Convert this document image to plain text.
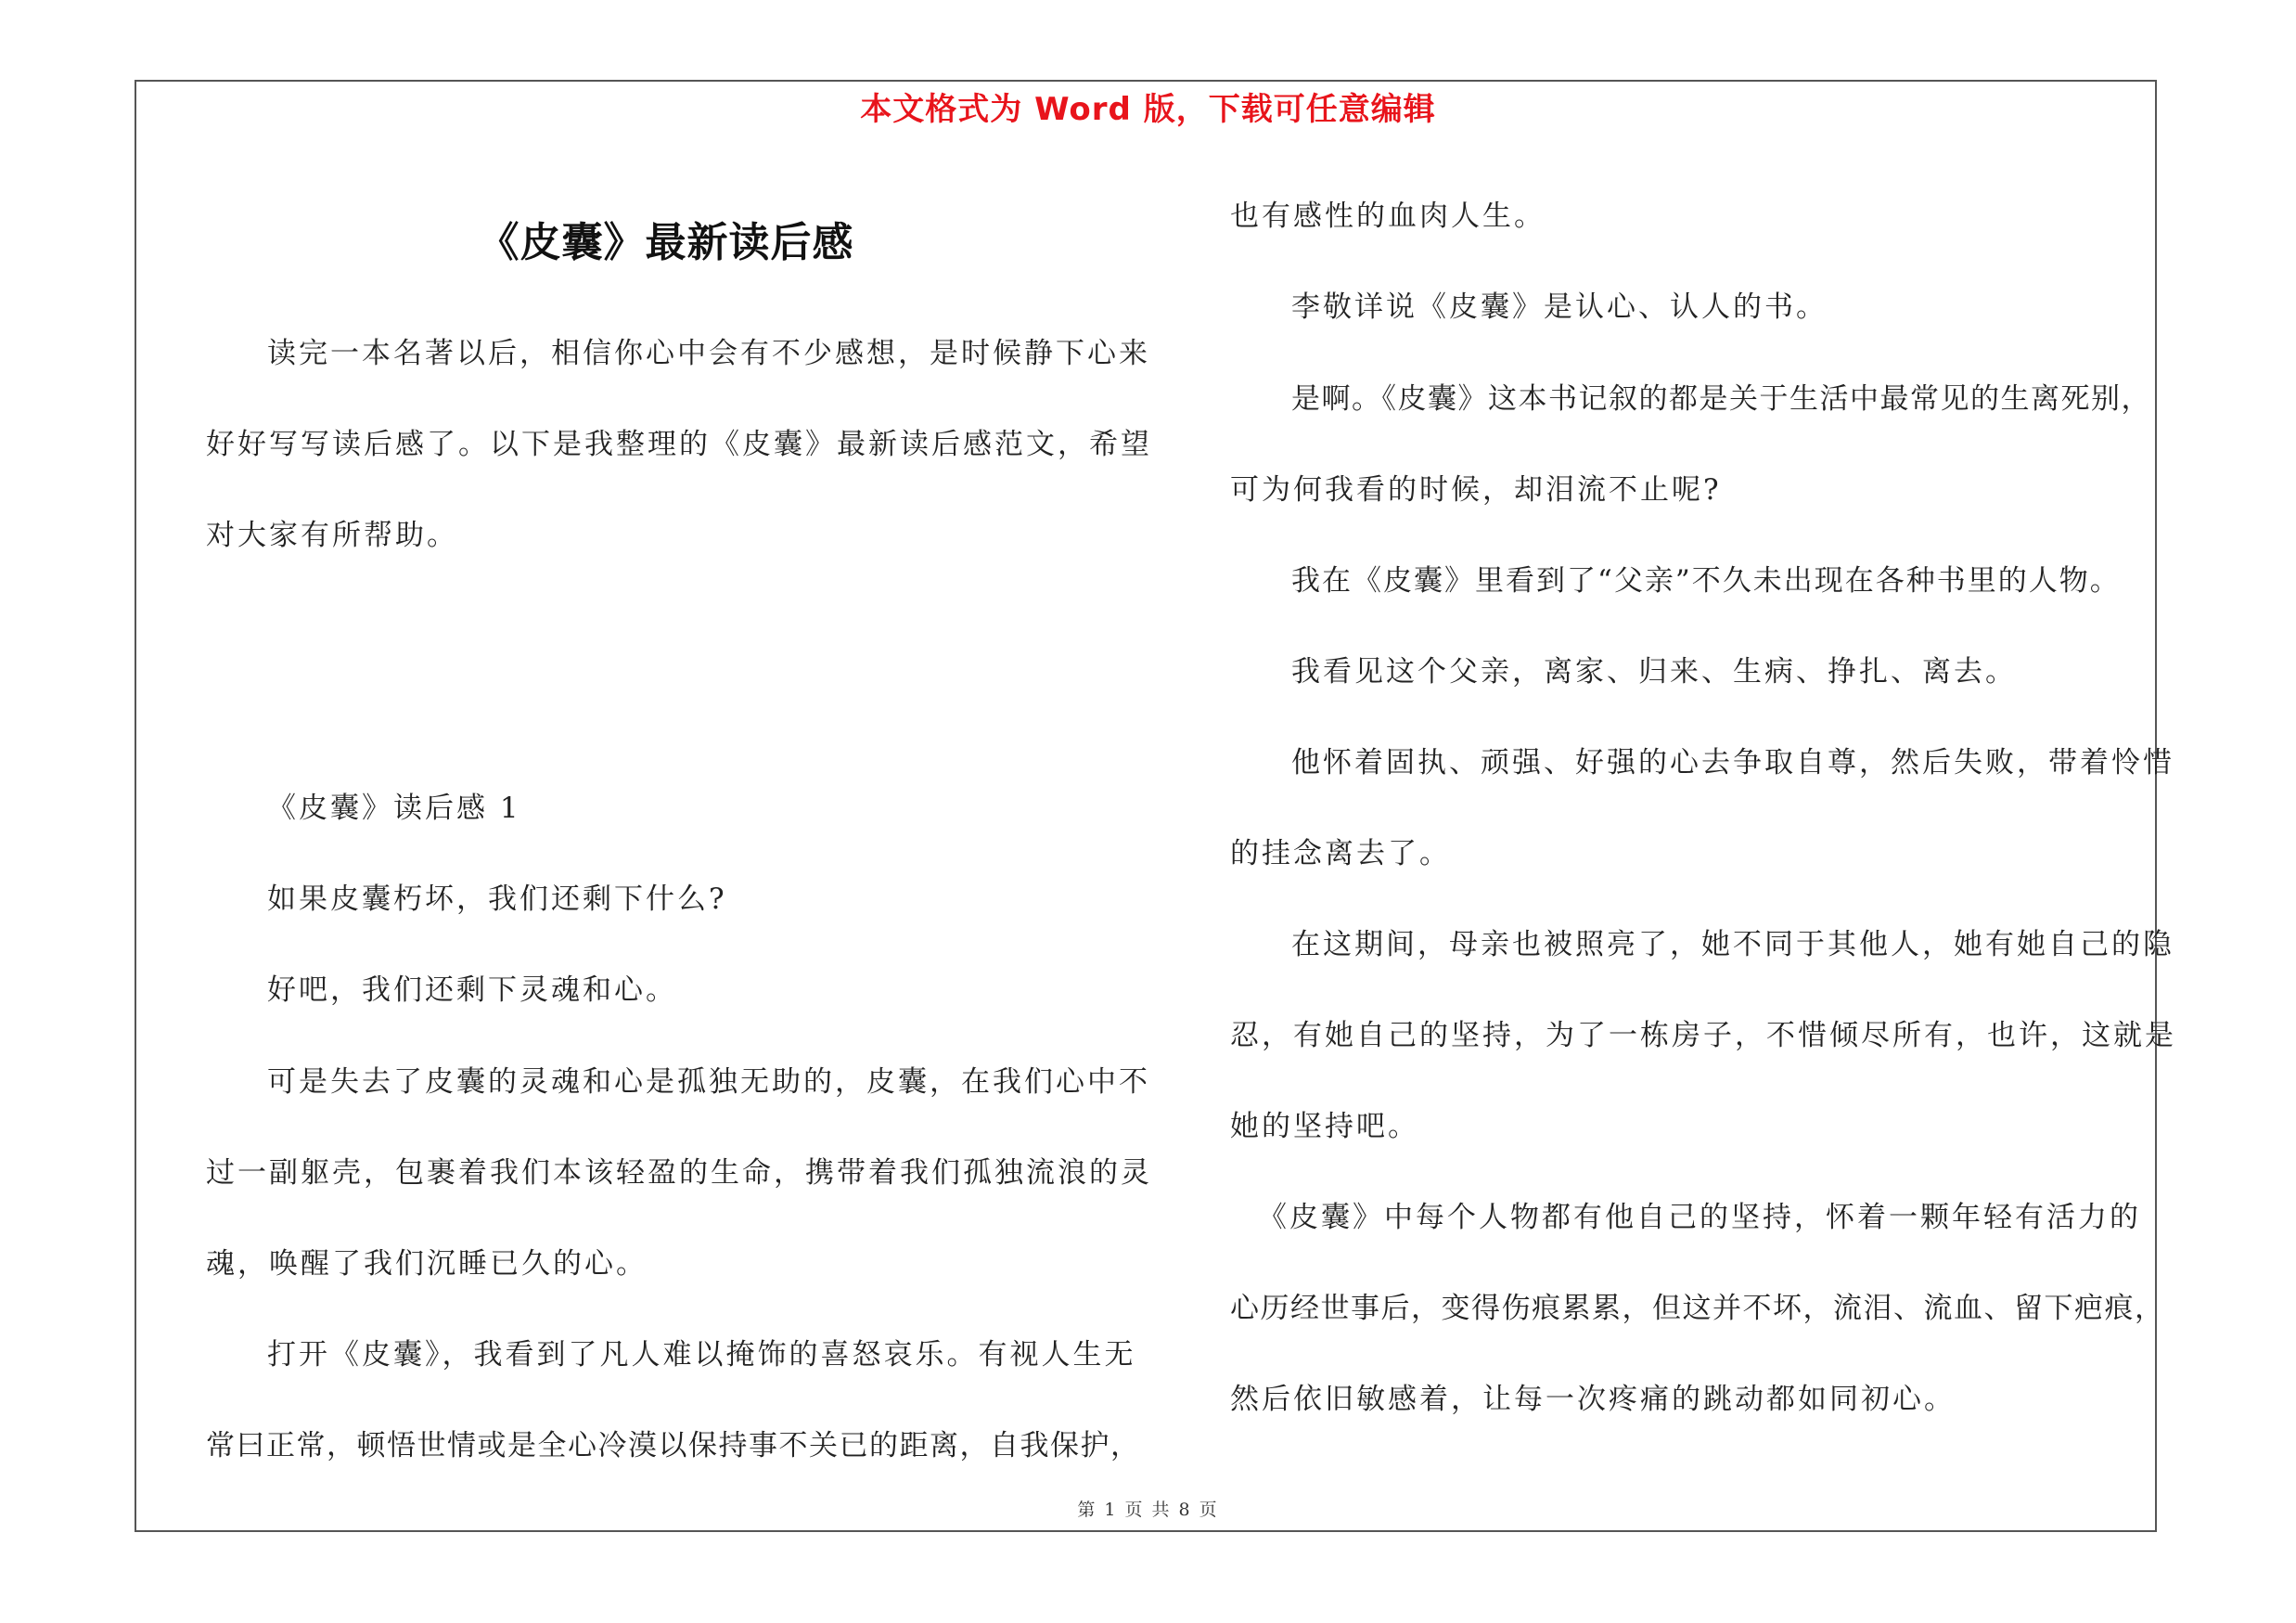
本文格式为 Word 版，下载可任意编辑
《皮囊》最新读后感
读完一本名著以后，相信你心中会有不少感想，是时候静下心来
好好写写读后感了。以下是我整理的《皮囊》最新读后感范文，希望
对大家有所帮助。
《皮囊》读后感 1
如果皮囊朽坏，我们还剩下什么?
好吧，我们还剩下灵魂和心。
可是失去了皮囊的灵魂和心是孤独无助的，皮囊，在我们心中不
过一副躯壳，包裹着我们本该轻盈的生命，携带着我们孤独流浪的灵
魂，唤醒了我们沉睡已久的心。
打开《皮囊》，我看到了凡人难以掩饰的喜怒哀乐。有视人生无
常曰正常，顿悟世情或是全心冷漠以保持事不关已的距离，自我保护，
也有感性的血肉人生。
李敬详说《皮囊》是认心、认人的书。
是啊。《皮囊》这本书记叙的都是关于生活中最常见的生离死别，
可为何我看的时候，却泪流不止呢?
我在《皮囊》里看到了“父亲”不久未出现在各种书里的人物。
我看见这个父亲，离家、归来、生病、挣扎、离去。
他怀着固执、顽强、好强的心去争取自尊，然后失败，带着怜惜
的挂念离去了。
在这期间，母亲也被照亮了，她不同于其他人，她有她自己的隐
忍，有她自己的坚持，为了一栋房子，不惜倾尽所有，也许，这就是
她的坚持吧。
《皮囊》中每个人物都有他自己的坚持，怀着一颗年轻有活力的
心历经世事后，变得伤痕累累，但这并不坏，流泪、流血、留下疤痕，
然后依旧敏感着，让每一次疼痛的跳动都如同初心。
第 1 页 共 8 页
